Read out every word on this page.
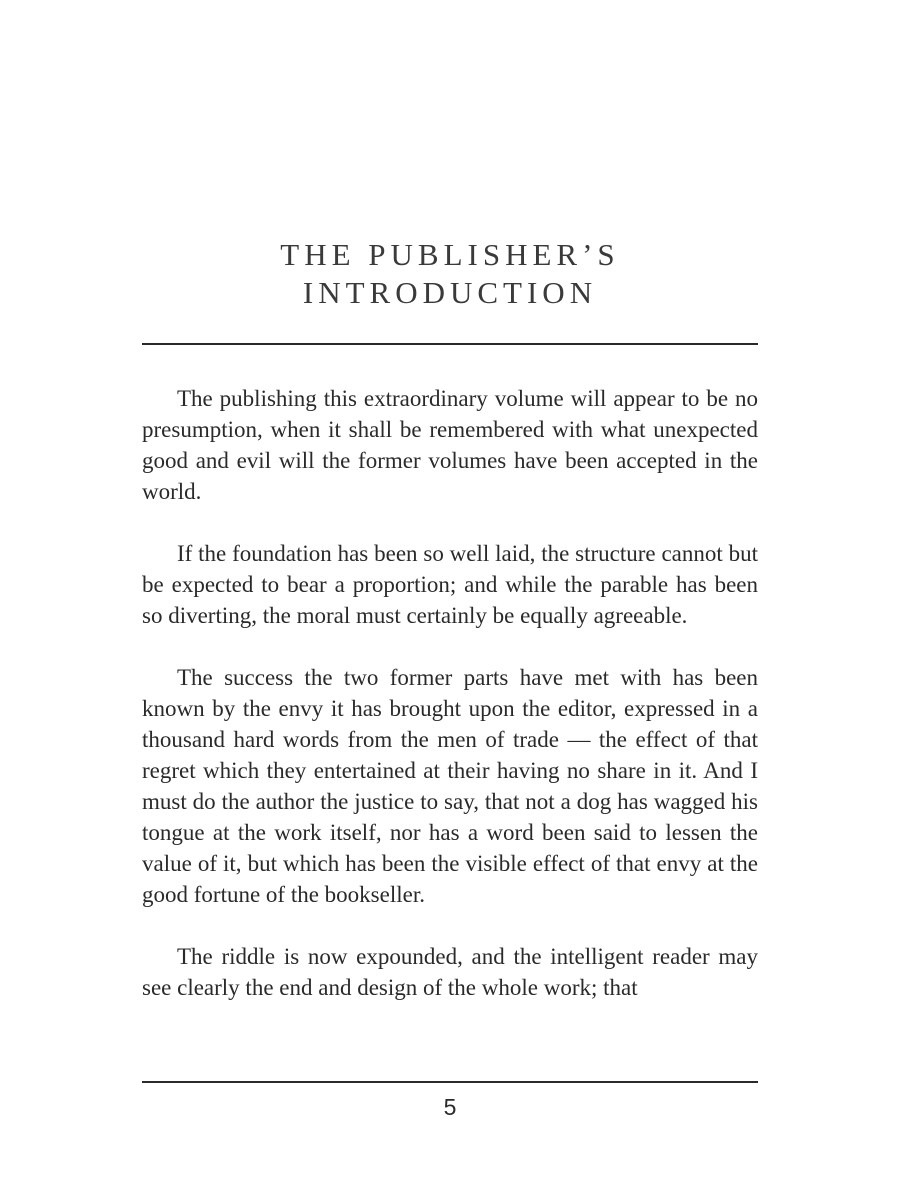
THE PUBLISHER’S
INTRODUCTION

The publishing this extraordinary volume will appear to be no presumption, when it shall be remembered with what unexpected good and evil will the former volumes have been accepted in the world.

If the foundation has been so well laid, the structure cannot but be expected to bear a proportion; and while the parable has been so diverting, the moral must certainly be equally agreeable.

The success the two former parts have met with has been known by the envy it has brought upon the editor, expressed in a thousand hard words from the men of trade — the effect of that regret which they entertained at their having no share in it. And I must do the author the justice to say, that not a dog has wagged his tongue at the work itself, nor has a word been said to lessen the value of it, but which has been the visible effect of that envy at the good fortune of the bookseller.

The riddle is now expounded, and the intelligent reader may see clearly the end and design of the whole work; that

5
